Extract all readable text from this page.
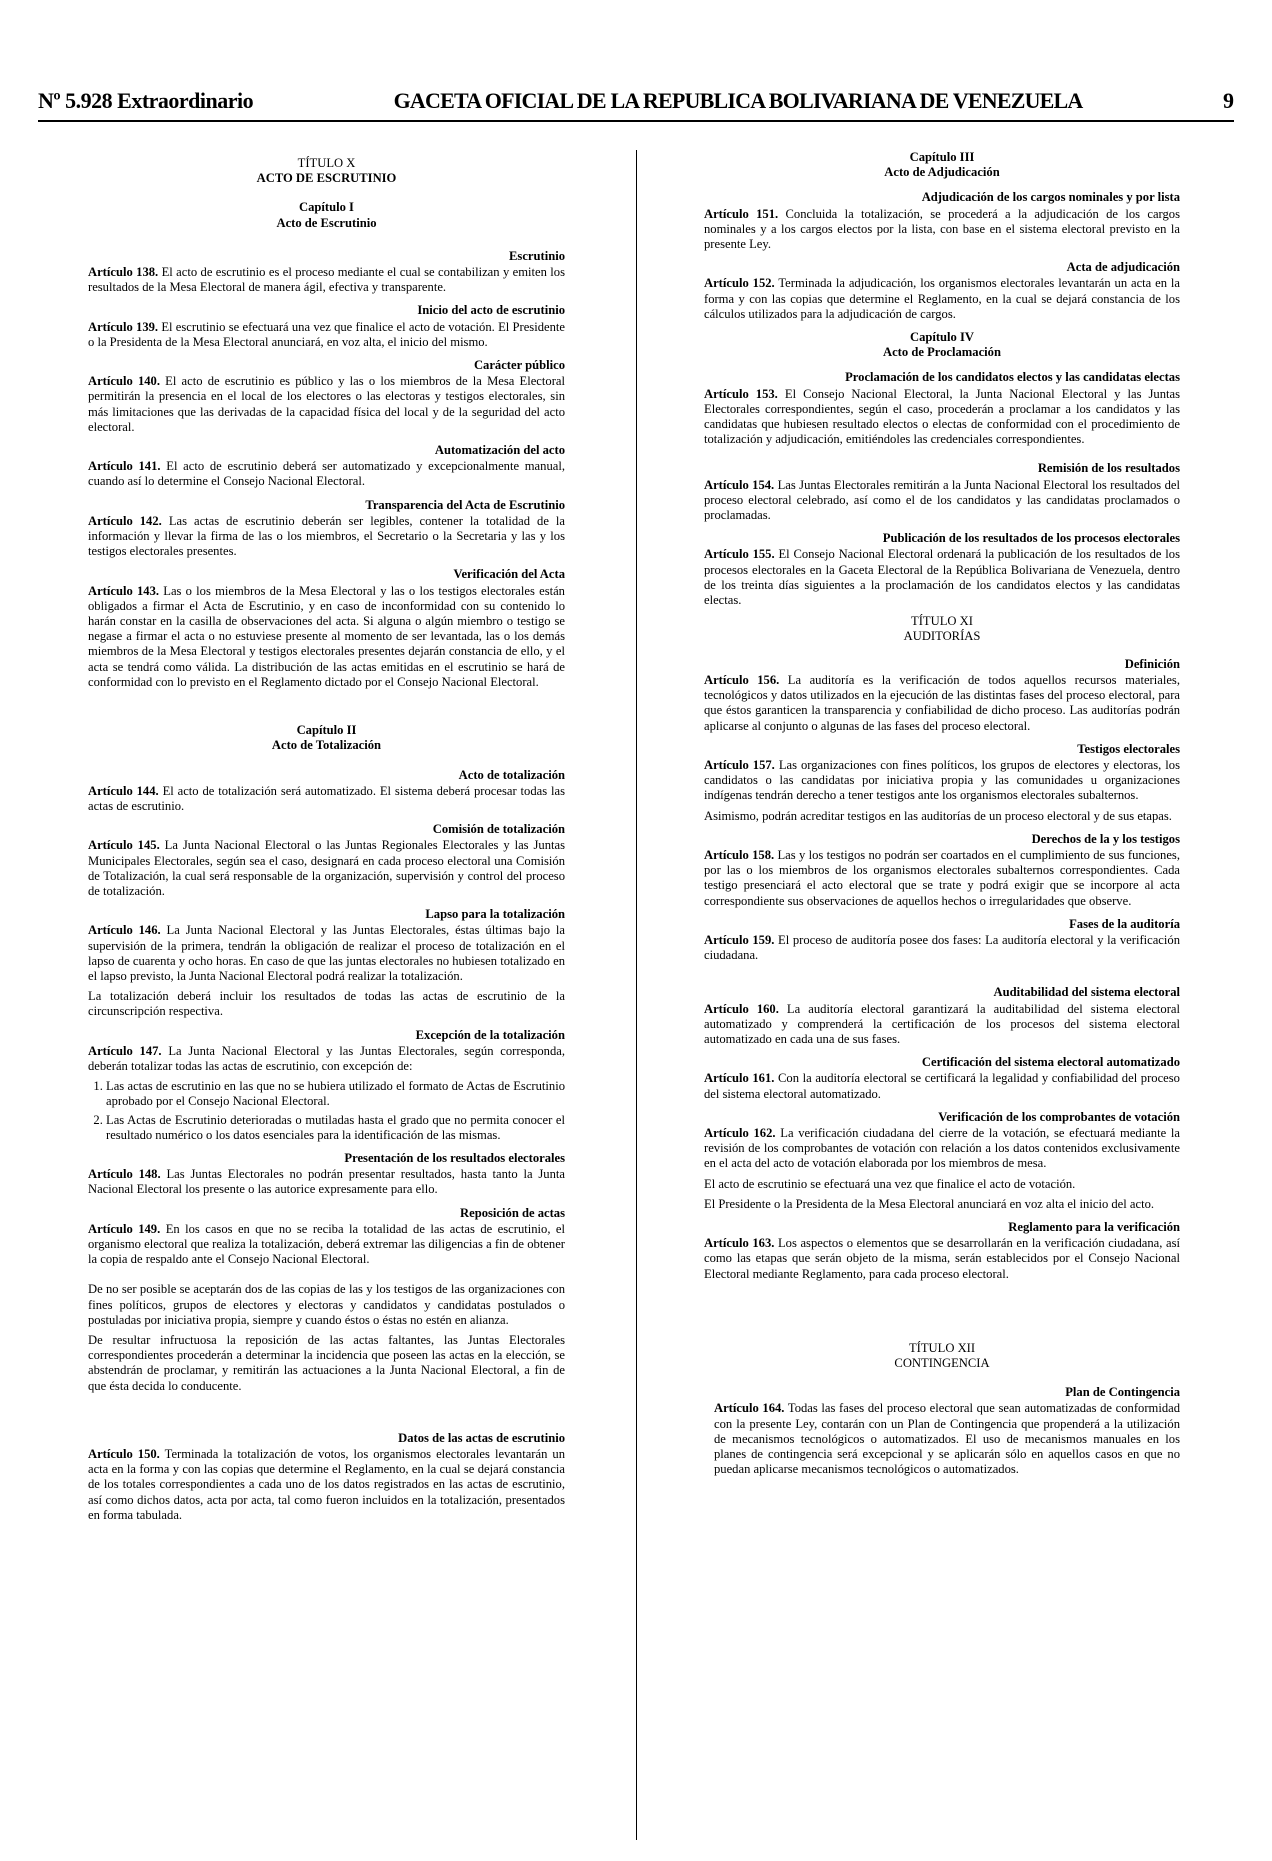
Nº 5.928 Extraordinario	GACETA OFICIAL DE LA REPUBLICA BOLIVARIANA DE VENEZUELA	9
TÍTULO X
ACTO DE ESCRUTINIO
Capítulo I
Acto de Escrutinio
Escrutinio

Artículo 138. El acto de escrutinio es el proceso mediante el cual se contabilizan y emiten los resultados de la Mesa Electoral de manera ágil, efectiva y transparente.

Inicio del acto de escrutinio

Artículo 139. El escrutinio se efectuará una vez que finalice el acto de votación. El Presidente o la Presidenta de la Mesa Electoral anunciará, en voz alta, el inicio del mismo.

Carácter público

Artículo 140. El acto de escrutinio es público y las o los miembros de la Mesa Electoral permitirán la presencia en el local de los electores o las electoras y testigos electorales, sin más limitaciones que las derivadas de la capacidad física del local y de la seguridad del acto electoral.

Automatización del acto

Artículo 141. El acto de escrutinio deberá ser automatizado y excepcionalmente manual, cuando así lo determine el Consejo Nacional Electoral.

Transparencia del Acta de Escrutinio

Artículo 142. Las actas de escrutinio deberán ser legibles, contener la totalidad de la información y llevar la firma de las o los miembros, el Secretario o la Secretaria y las y los testigos electorales presentes.

Verificación del Acta

Artículo 143. Las o los miembros de la Mesa Electoral y las o los testigos electorales están obligados a firmar el Acta de Escrutinio, y en caso de inconformidad con su contenido lo harán constar en la casilla de observaciones del acta. Si alguna o algún miembro o testigo se negase a firmar el acta o no estuviese presente al momento de ser levantada, las o los demás miembros de la Mesa Electoral y testigos electorales presentes dejarán constancia de ello, y el acta se tendrá como válida. La distribución de las actas emitidas en el escrutinio se hará de conformidad con lo previsto en el Reglamento dictado por el Consejo Nacional Electoral.

Capítulo II
Acto de Totalización
Acto de totalización

Artículo 144. El acto de totalización será automatizado. El sistema deberá procesar todas las actas de escrutinio.

Comisión de totalización

Artículo 145. La Junta Nacional Electoral o las Juntas Regionales Electorales y las Juntas Municipales Electorales, según sea el caso, designará en cada proceso electoral una Comisión de Totalización, la cual será responsable de la organización, supervisión y control del proceso de totalización.

Lapso para la totalización

Artículo 146. La Junta Nacional Electoral y las Juntas Electorales, éstas últimas bajo la supervisión de la primera, tendrán la obligación de realizar el proceso de totalización en el lapso de cuarenta y ocho horas. En caso de que las juntas electorales no hubiesen totalizado en el lapso previsto, la Junta Nacional Electoral podrá realizar la totalización.

La totalización deberá incluir los resultados de todas las actas de escrutinio de la circunscripción respectiva.

Excepción de la totalización

Artículo 147. La Junta Nacional Electoral y las Juntas Electorales, según corresponda, deberán totalizar todas las actas de escrutinio, con excepción de:

1. Las actas de escrutinio en las que no se hubiera utilizado el formato de Actas de Escrutinio aprobado por el Consejo Nacional Electoral.
2. Las Actas de Escrutinio deterioradas o mutiladas hasta el grado que no permita conocer el resultado numérico o los datos esenciales para la identificación de las mismas.
Presentación de los resultados electorales

Artículo 148. Las Juntas Electorales no podrán presentar resultados, hasta tanto la Junta Nacional Electoral los presente o las autorice expresamente para ello.

Reposición de actas

Artículo 149. En los casos en que no se reciba la totalidad de las actas de escrutinio, el organismo electoral que realiza la totalización, deberá extremar las diligencias a fin de obtener la copia de respaldo ante el Consejo Nacional Electoral.

De no ser posible se aceptarán dos de las copias de las y los testigos de las organizaciones con fines políticos, grupos de electores y electoras y candidatos y candidatas postulados o postuladas por iniciativa propia, siempre y cuando éstos o éstas no estén en alianza.

De resultar infructuosa la reposición de las actas faltantes, las Juntas Electorales correspondientes procederán a determinar la incidencia que poseen las actas en la elección, se abstendrán de proclamar, y remitirán las actuaciones a la Junta Nacional Electoral, a fin de que ésta decida lo conducente.

Datos de las actas de escrutinio

Artículo 150. Terminada la totalización de votos, los organismos electorales levantarán un acta en la forma y con las copias que determine el Reglamento, en la cual se dejará constancia de los totales correspondientes a cada uno de los datos registrados en las actas de escrutinio, así como dichos datos, acta por acta, tal como fueron incluidos en la totalización, presentados en forma tabulada.

Capítulo III
Acto de Adjudicación
Adjudicación de los cargos nominales y por lista

Artículo 151. Concluida la totalización, se procederá a la adjudicación de los cargos nominales y a los cargos electos por la lista, con base en el sistema electoral previsto en la presente Ley.

Acta de adjudicación

Artículo 152. Terminada la adjudicación, los organismos electorales levantarán un acta en la forma y con las copias que determine el Reglamento, en la cual se dejará constancia de los cálculos utilizados para la adjudicación de cargos.

Capítulo IV
Acto de Proclamación
Proclamación de los candidatos electos y las candidatas electas

Artículo 153. El Consejo Nacional Electoral, la Junta Nacional Electoral y las Juntas Electorales correspondientes, según el caso, procederán a proclamar a los candidatos y las candidatas que hubiesen resultado electos o electas de conformidad con el procedimiento de totalización y adjudicación, emitiéndoles las credenciales correspondientes.

Remisión de los resultados

Artículo 154. Las Juntas Electorales remitirán a la Junta Nacional Electoral los resultados del proceso electoral celebrado, así como el de los candidatos y las candidatas proclamados o proclamadas.

Publicación de los resultados de los procesos electorales

Artículo 155. El Consejo Nacional Electoral ordenará la publicación de los resultados de los procesos electorales en la Gaceta Electoral de la República Bolivariana de Venezuela, dentro de los treinta días siguientes a la proclamación de los candidatos electos y las candidatas electas.

TÍTULO XI
AUDITORÍAS
Definición

Artículo 156. La auditoría es la verificación de todos aquellos recursos materiales, tecnológicos y datos utilizados en la ejecución de las distintas fases del proceso electoral, para que éstos garanticen la transparencia y confiabilidad de dicho proceso. Las auditorías podrán aplicarse al conjunto o algunas de las fases del proceso electoral.

Testigos electorales

Artículo 157. Las organizaciones con fines políticos, los grupos de electores y electoras, los candidatos o las candidatas por iniciativa propia y las comunidades u organizaciones indígenas tendrán derecho a tener testigos ante los organismos electorales subalternos.

Asimismo, podrán acreditar testigos en las auditorías de un proceso electoral y de sus etapas.

Derechos de la y los testigos

Artículo 158. Las y los testigos no podrán ser coartados en el cumplimiento de sus funciones, por las o los miembros de los organismos electorales subalternos correspondientes. Cada testigo presenciará el acto electoral que se trate y podrá exigir que se incorpore al acta correspondiente sus observaciones de aquellos hechos o irregularidades que observe.

Fases de la auditoría

Artículo 159. El proceso de auditoría posee dos fases: La auditoría electoral y la verificación ciudadana.

Auditabilidad del sistema electoral

Artículo 160. La auditoría electoral garantizará la auditabilidad del sistema electoral automatizado y comprenderá la certificación de los procesos del sistema electoral automatizado en cada una de sus fases.

Certificación del sistema electoral automatizado

Artículo 161. Con la auditoría electoral se certificará la legalidad y confiabilidad del proceso del sistema electoral automatizado.

Verificación de los comprobantes de votación

Artículo 162. La verificación ciudadana del cierre de la votación, se efectuará mediante la revisión de los comprobantes de votación con relación a los datos contenidos exclusivamente en el acta del acto de votación elaborada por los miembros de mesa.

El acto de escrutinio se efectuará una vez que finalice el acto de votación.

El Presidente o la Presidenta de la Mesa Electoral anunciará en voz alta el inicio del acto.

Reglamento para la verificación

Artículo 163. Los aspectos o elementos que se desarrollarán en la verificación ciudadana, así como las etapas que serán objeto de la misma, serán establecidos por el Consejo Nacional Electoral mediante Reglamento, para cada proceso electoral.

TÍTULO XII
CONTINGENCIA
Plan de Contingencia

Artículo 164. Todas las fases del proceso electoral que sean automatizadas de conformidad con la presente Ley, contarán con un Plan de Contingencia que propenderá a la utilización de mecanismos tecnológicos o automatizados. El uso de mecanismos manuales en los planes de contingencia será excepcional y se aplicarán sólo en aquellos casos en que no puedan aplicarse mecanismos tecnológicos o automatizados.
